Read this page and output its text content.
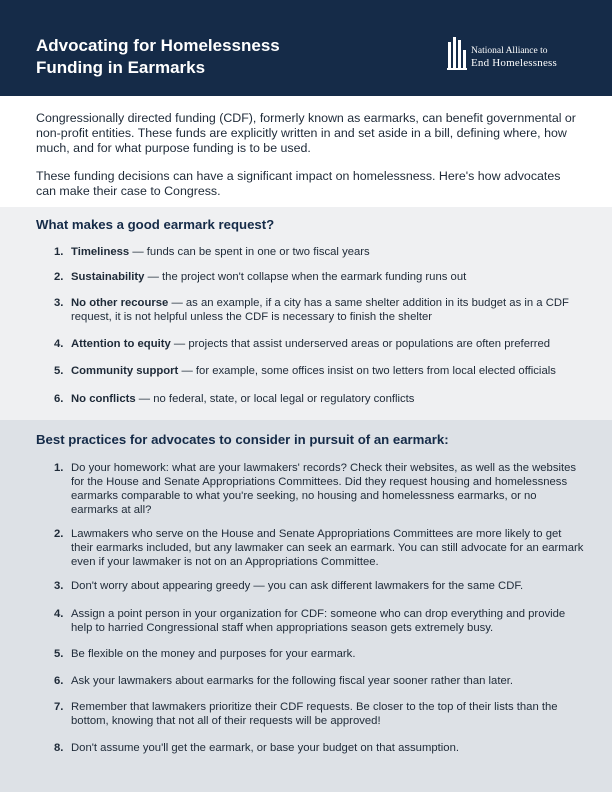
Advocating for Homelessness
Funding in Earmarks
National Alliance to
End Homelessness

Congressionally directed funding (CDF), formerly known as earmarks, can benefit governmental or non-profit entities. These funds are explicitly written in and set aside in a bill, defining where, how much, and for what purpose funding is to be used.

These funding decisions can have a significant impact on homelessness. Here's how advocates can make their case to Congress.

What makes a good earmark request?
1. Timeliness — funds can be spent in one or two fiscal years
2. Sustainability — the project won't collapse when the earmark funding runs out
3. No other recourse — as an example, if a city has a same shelter addition in its budget as in a CDF request, it is not helpful unless the CDF is necessary to finish the shelter
4. Attention to equity — projects that assist underserved areas or populations are often preferred
5. Community support — for example, some offices insist on two letters from local elected officials
6. No conflicts — no federal, state, or local legal or regulatory conflicts
Best practices for advocates to consider in pursuit of an earmark:
1. Do your homework: what are your lawmakers' records? Check their websites, as well as the websites for the House and Senate Appropriations Committees. Did they request housing and homelessness earmarks comparable to what you're seeking, no housing and homelessness earmarks, or no earmarks at all?
2. Lawmakers who serve on the House and Senate Appropriations Committees are more likely to get their earmarks included, but any lawmaker can seek an earmark. You can still advocate for an earmark even if your lawmaker is not on an Appropriations Committee.
3. Don't worry about appearing greedy — you can ask different lawmakers for the same CDF.
4. Assign a point person in your organization for CDF: someone who can drop everything and provide help to harried Congressional staff when appropriations season gets extremely busy.
5. Be flexible on the money and purposes for your earmark.
6. Ask your lawmakers about earmarks for the following fiscal year sooner rather than later.
7. Remember that lawmakers prioritize their CDF requests. Be closer to the top of their lists than the bottom, knowing that not all of their requests will be approved!
8. Don't assume you'll get the earmark, or base your budget on that assumption.
